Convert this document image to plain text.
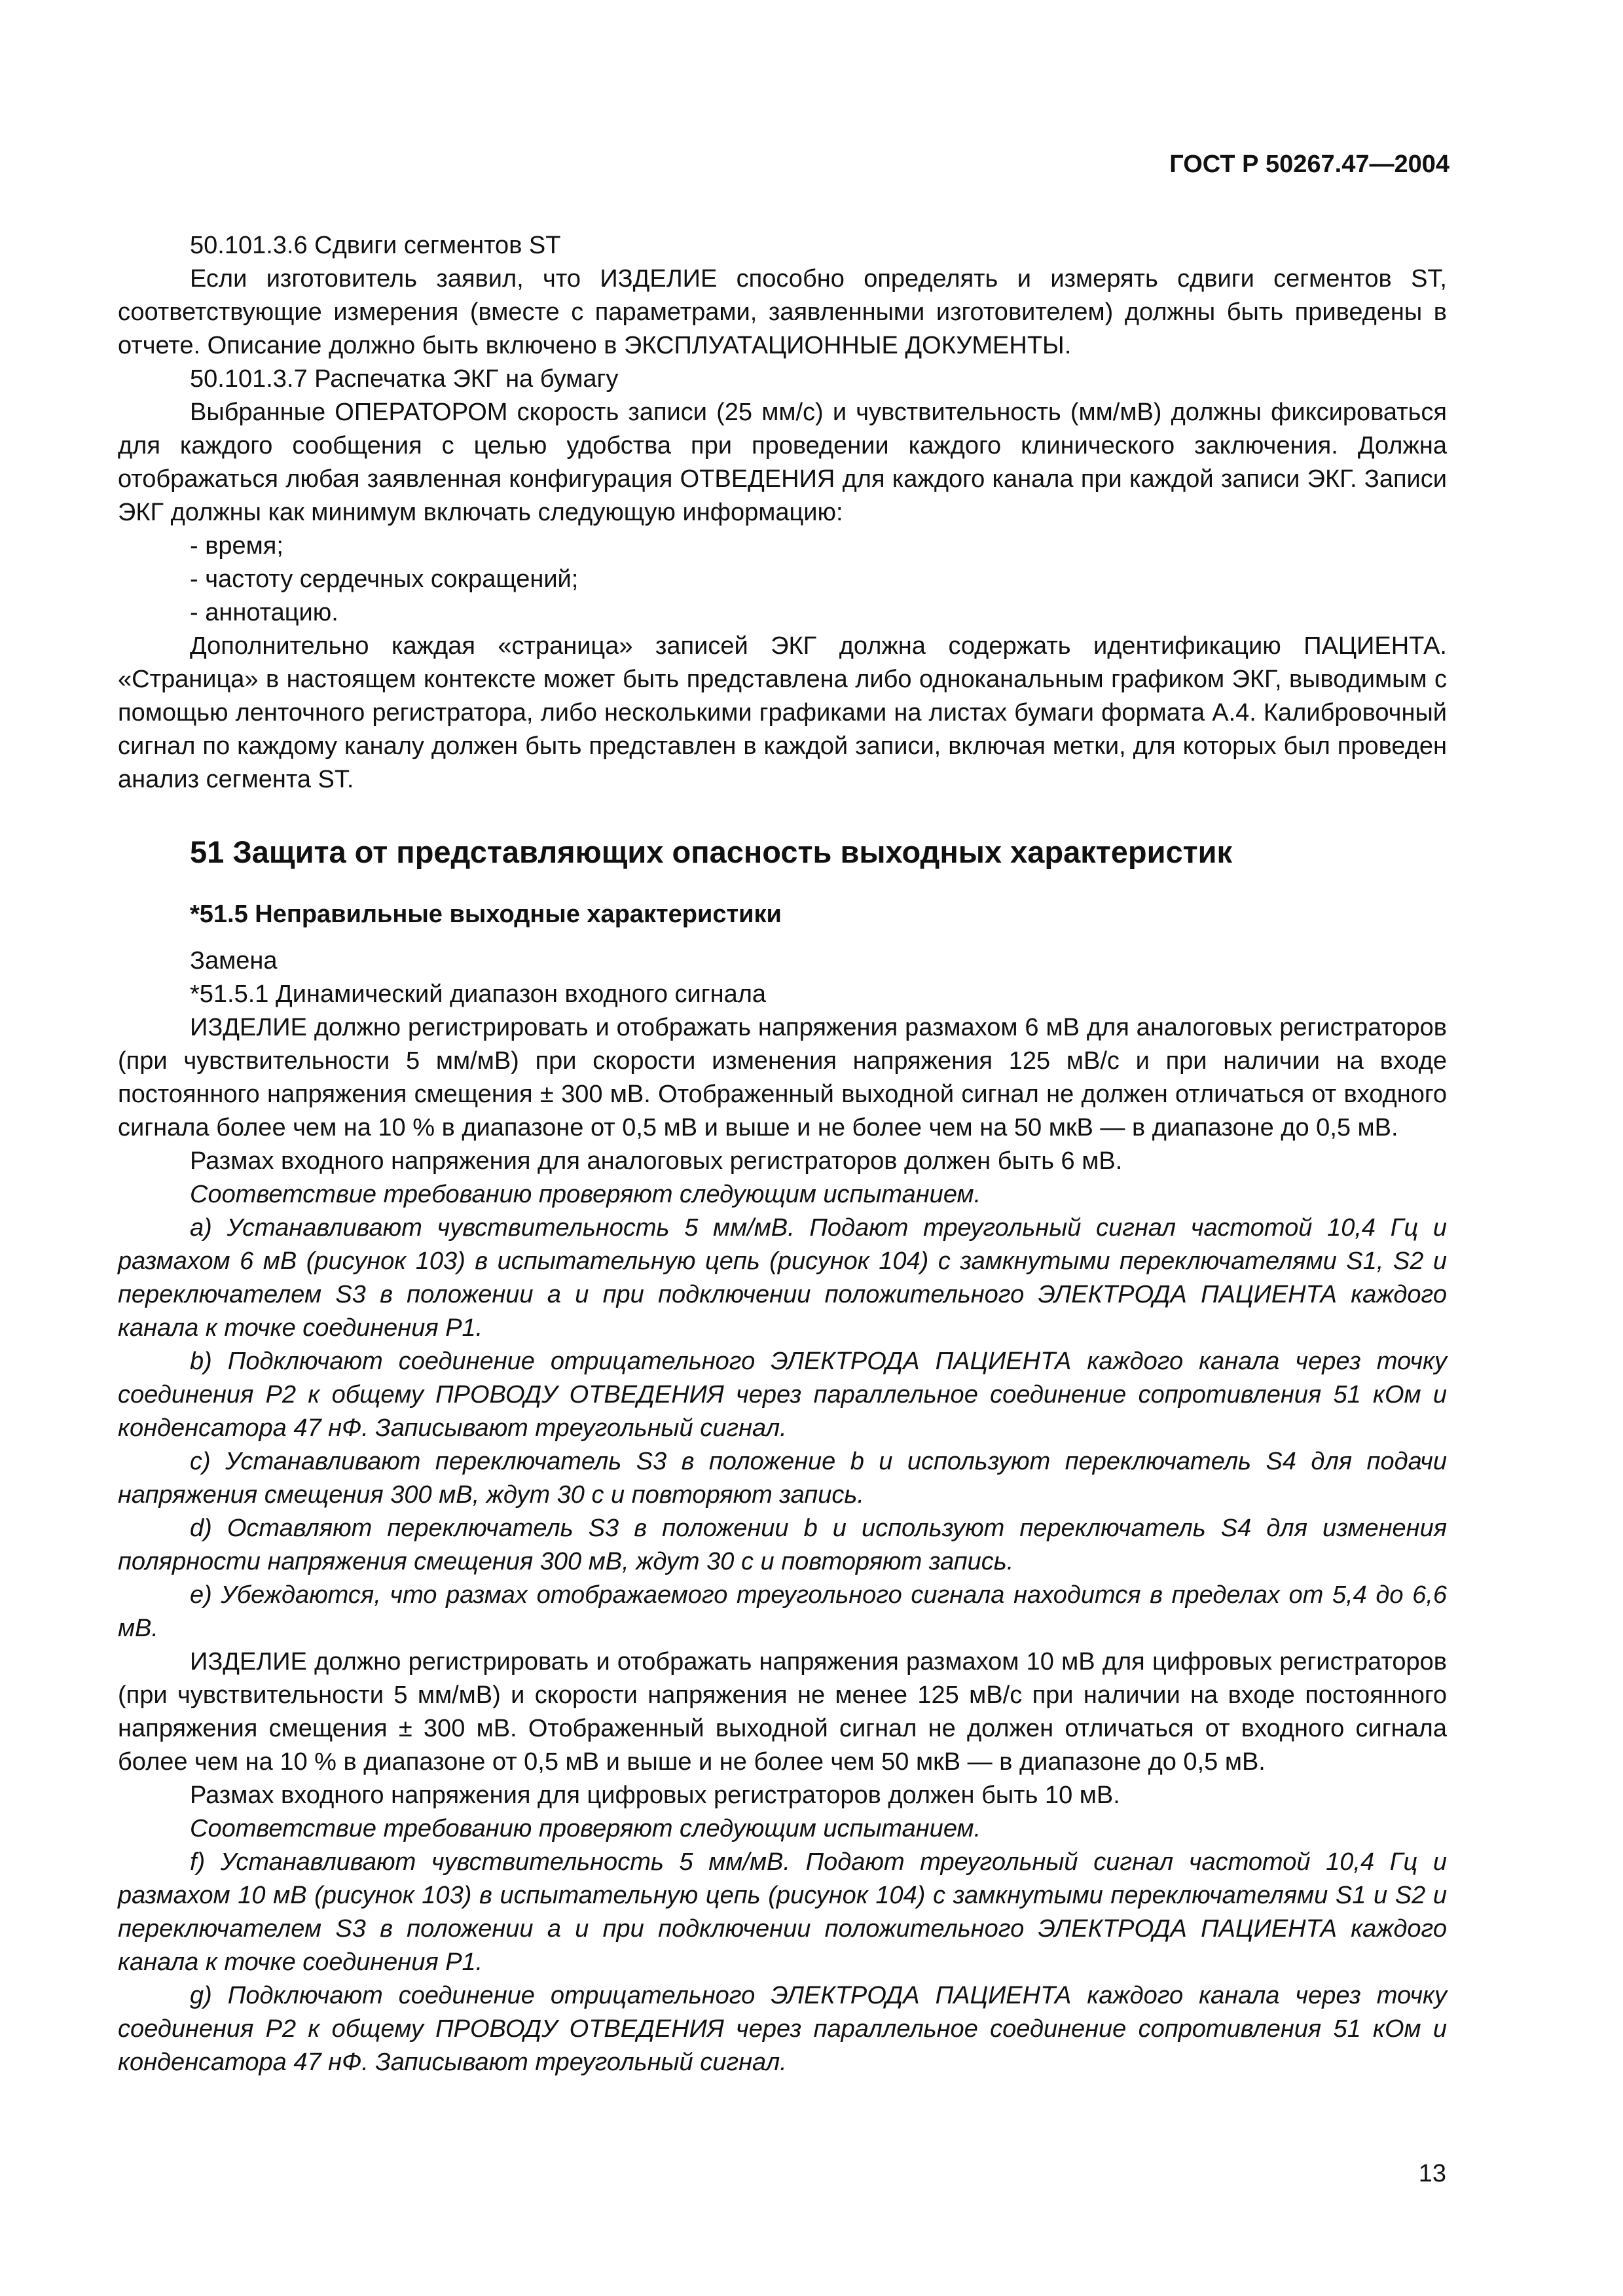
ГОСТ Р 50267.47—2004

50.101.3.6 Сдвиги сегментов ST

Если изготовитель заявил, что ИЗДЕЛИЕ способно определять и измерять сдвиги сегментов ST, соответствующие измерения (вместе с параметрами, заявленными изготовителем) должны быть приведены в отчете. Описание должно быть включено в ЭКСПЛУАТАЦИОННЫЕ ДОКУМЕНТЫ.

50.101.3.7 Распечатка ЭКГ на бумагу

Выбранные ОПЕРАТОРОМ скорость записи (25 мм/с) и чувствительность (мм/мВ) должны фиксироваться для каждого сообщения с целью удобства при проведении каждого клинического заключения. Должна отображаться любая заявленная конфигурация ОТВЕДЕНИЯ для каждого канала при каждой записи ЭКГ. Записи ЭКГ должны как минимум включать следующую информацию:

- время;

- частоту сердечных сокращений;

- аннотацию.

Дополнительно каждая «страница» записей ЭКГ должна содержать идентификацию ПАЦИЕНТА. «Страница» в настоящем контексте может быть представлена либо одноканальным графиком ЭКГ, выводимым с помощью ленточного регистратора, либо несколькими графиками на листах бумаги формата А.4. Калибровочный сигнал по каждому каналу должен быть представлен в каждой записи, включая метки, для которых был проведен анализ сегмента ST.

51 Защита от представляющих опасность выходных характеристик
*51.5 Неправильные выходные характеристики

Замена

*51.5.1 Динамический диапазон входного сигнала

ИЗДЕЛИЕ должно регистрировать и отображать напряжения размахом 6 мВ для аналоговых регистраторов (при чувствительности 5 мм/мВ) при скорости изменения напряжения 125 мВ/с и при наличии на входе постоянного напряжения смещения ± 300 мВ. Отображенный выходной сигнал не должен отличаться от входного сигнала более чем на 10 % в диапазоне от 0,5 мВ и выше и не более чем на 50 мкВ — в диапазоне до 0,5 мВ.

Размах входного напряжения для аналоговых регистраторов должен быть 6 мВ.

Соответствие требованию проверяют следующим испытанием.

а) Устанавливают чувствительность 5 мм/мВ. Подают треугольный сигнал частотой 10,4 Гц и размахом 6 мВ (рисунок 103) в испытательную цепь (рисунок 104) с замкнутыми переключателями S1, S2 и переключателем S3 в положении а и при подключении положительного ЭЛЕКТРОДА ПАЦИЕНТА каждого канала к точке соединения Р1.

b) Подключают соединение отрицательного ЭЛЕКТРОДА ПАЦИЕНТА каждого канала через точку соединения Р2 к общему ПРОВОДУ ОТВЕДЕНИЯ через параллельное соединение сопротивления 51 кОм и конденсатора 47 нФ. Записывают треугольный сигнал.

с) Устанавливают переключатель S3 в положение b и используют переключатель S4 для подачи напряжения смещения 300 мВ, ждут 30 с и повторяют запись.

d) Оставляют переключатель S3 в положении b и используют переключатель S4 для изменения полярности напряжения смещения 300 мВ, ждут 30 с и повторяют запись.

е) Убеждаются, что размах отображаемого треугольного сигнала находится в пределах от 5,4 до 6,6 мВ.

ИЗДЕЛИЕ должно регистрировать и отображать напряжения размахом 10 мВ для цифровых регистраторов (при чувствительности 5 мм/мВ) и скорости напряжения не менее 125 мВ/с при наличии на входе постоянного напряжения смещения ± 300 мВ. Отображенный выходной сигнал не должен отличаться от входного сигнала более чем на 10 % в диапазоне от 0,5 мВ и выше и не более чем 50 мкВ — в диапазоне до 0,5 мВ.

Размах входного напряжения для цифровых регистраторов должен быть 10 мВ.

Соответствие требованию проверяют следующим испытанием.

f) Устанавливают чувствительность 5 мм/мВ. Подают треугольный сигнал частотой 10,4 Гц и размахом 10 мВ (рисунок 103) в испытательную цепь (рисунок 104) с замкнутыми переключателями S1 и S2 и переключателем S3 в положении а и при подключении положительного ЭЛЕКТРОДА ПАЦИЕНТА каждого канала к точке соединения Р1.

g) Подключают соединение отрицательного ЭЛЕКТРОДА ПАЦИЕНТА каждого канала через точку соединения Р2 к общему ПРОВОДУ ОТВЕДЕНИЯ через параллельное соединение сопротивления 51 кОм и конденсатора 47 нФ. Записывают треугольный сигнал.

13
